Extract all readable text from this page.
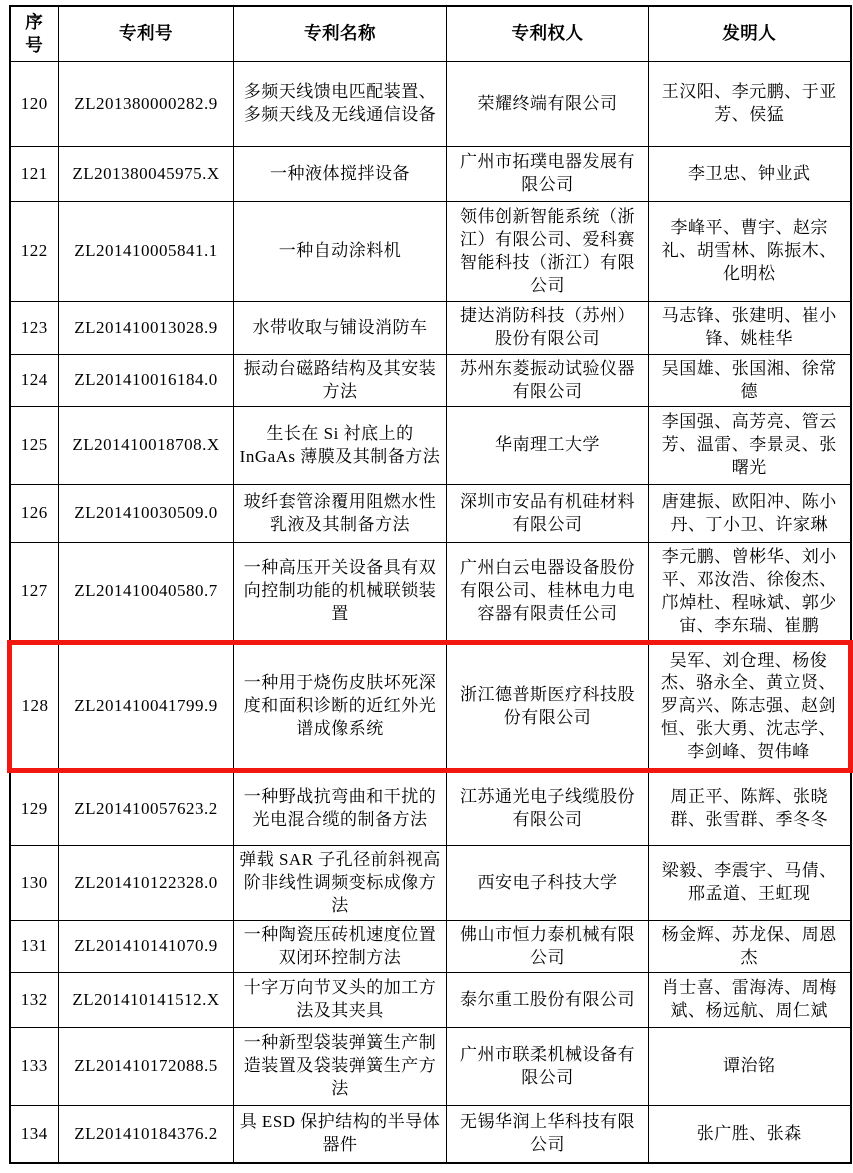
序号	专利号	专利名称	专利权人	发明人
120	ZL201380000282.9	多频天线馈电匹配装置、多频天线及无线通信设备	荣耀终端有限公司	王汉阳、李元鹏、于亚芳、侯猛
121	ZL201380045975.X	一种液体搅拌设备	广州市拓璞电器发展有限公司	李卫忠、钟业武
122	ZL201410005841.1	一种自动涂料机	领伟创新智能系统（浙江）有限公司、爱科赛智能科技（浙江）有限公司	李峰平、曹宇、赵宗礼、胡雪林、陈振木、化明松
123	ZL201410013028.9	水带收取与铺设消防车	捷达消防科技（苏州）股份有限公司	马志锋、张建明、崔小锋、姚桂华
124	ZL201410016184.0	振动台磁路结构及其安装方法	苏州东菱振动试验仪器有限公司	吴国雄、张国湘、徐常德
125	ZL201410018708.X	生长在 Si 衬底上的 InGaAs 薄膜及其制备方法	华南理工大学	李国强、高芳亮、管云芳、温雷、李景灵、张曙光
126	ZL201410030509.0	玻纤套管涂覆用阻燃水性乳液及其制备方法	深圳市安品有机硅材料有限公司	唐建振、欧阳冲、陈小丹、丁小卫、许家琳
127	ZL201410040580.7	一种高压开关设备具有双向控制功能的机械联锁装置	广州白云电器设备股份有限公司、桂林电力电容器有限责任公司	李元鹏、曾彬华、刘小平、邓汝浩、徐俊杰、邝焯杜、程咏斌、郭少宙、李东瑞、崔鹏
128	ZL201410041799.9	一种用于烧伤皮肤坏死深度和面积诊断的近红外光谱成像系统	浙江德普斯医疗科技股份有限公司	吴军、刘仓理、杨俊杰、骆永全、黄立贤、罗高兴、陈志强、赵剑恒、张大勇、沈志学、李剑峰、贺伟峰
129	ZL201410057623.2	一种野战抗弯曲和干扰的光电混合缆的制备方法	江苏通光电子线缆股份有限公司	周正平、陈辉、张晓群、张雪群、季冬冬
130	ZL201410122328.0	弹载 SAR 子孔径前斜视高阶非线性调频变标成像方法	西安电子科技大学	梁毅、李震宇、马倩、邢孟道、王虹现
131	ZL201410141070.9	一种陶瓷压砖机速度位置双闭环控制方法	佛山市恒力泰机械有限公司	杨金辉、苏龙保、周恩杰
132	ZL201410141512.X	十字万向节叉头的加工方法及其夹具	泰尔重工股份有限公司	肖士喜、雷海涛、周梅斌、杨远航、周仁斌
133	ZL201410172088.5	一种新型袋装弹簧生产制造装置及袋装弹簧生产方法	广州市联柔机械设备有限公司	谭治铭
134	ZL201410184376.2	具 ESD 保护结构的半导体器件	无锡华润上华科技有限公司	张广胜、张森
